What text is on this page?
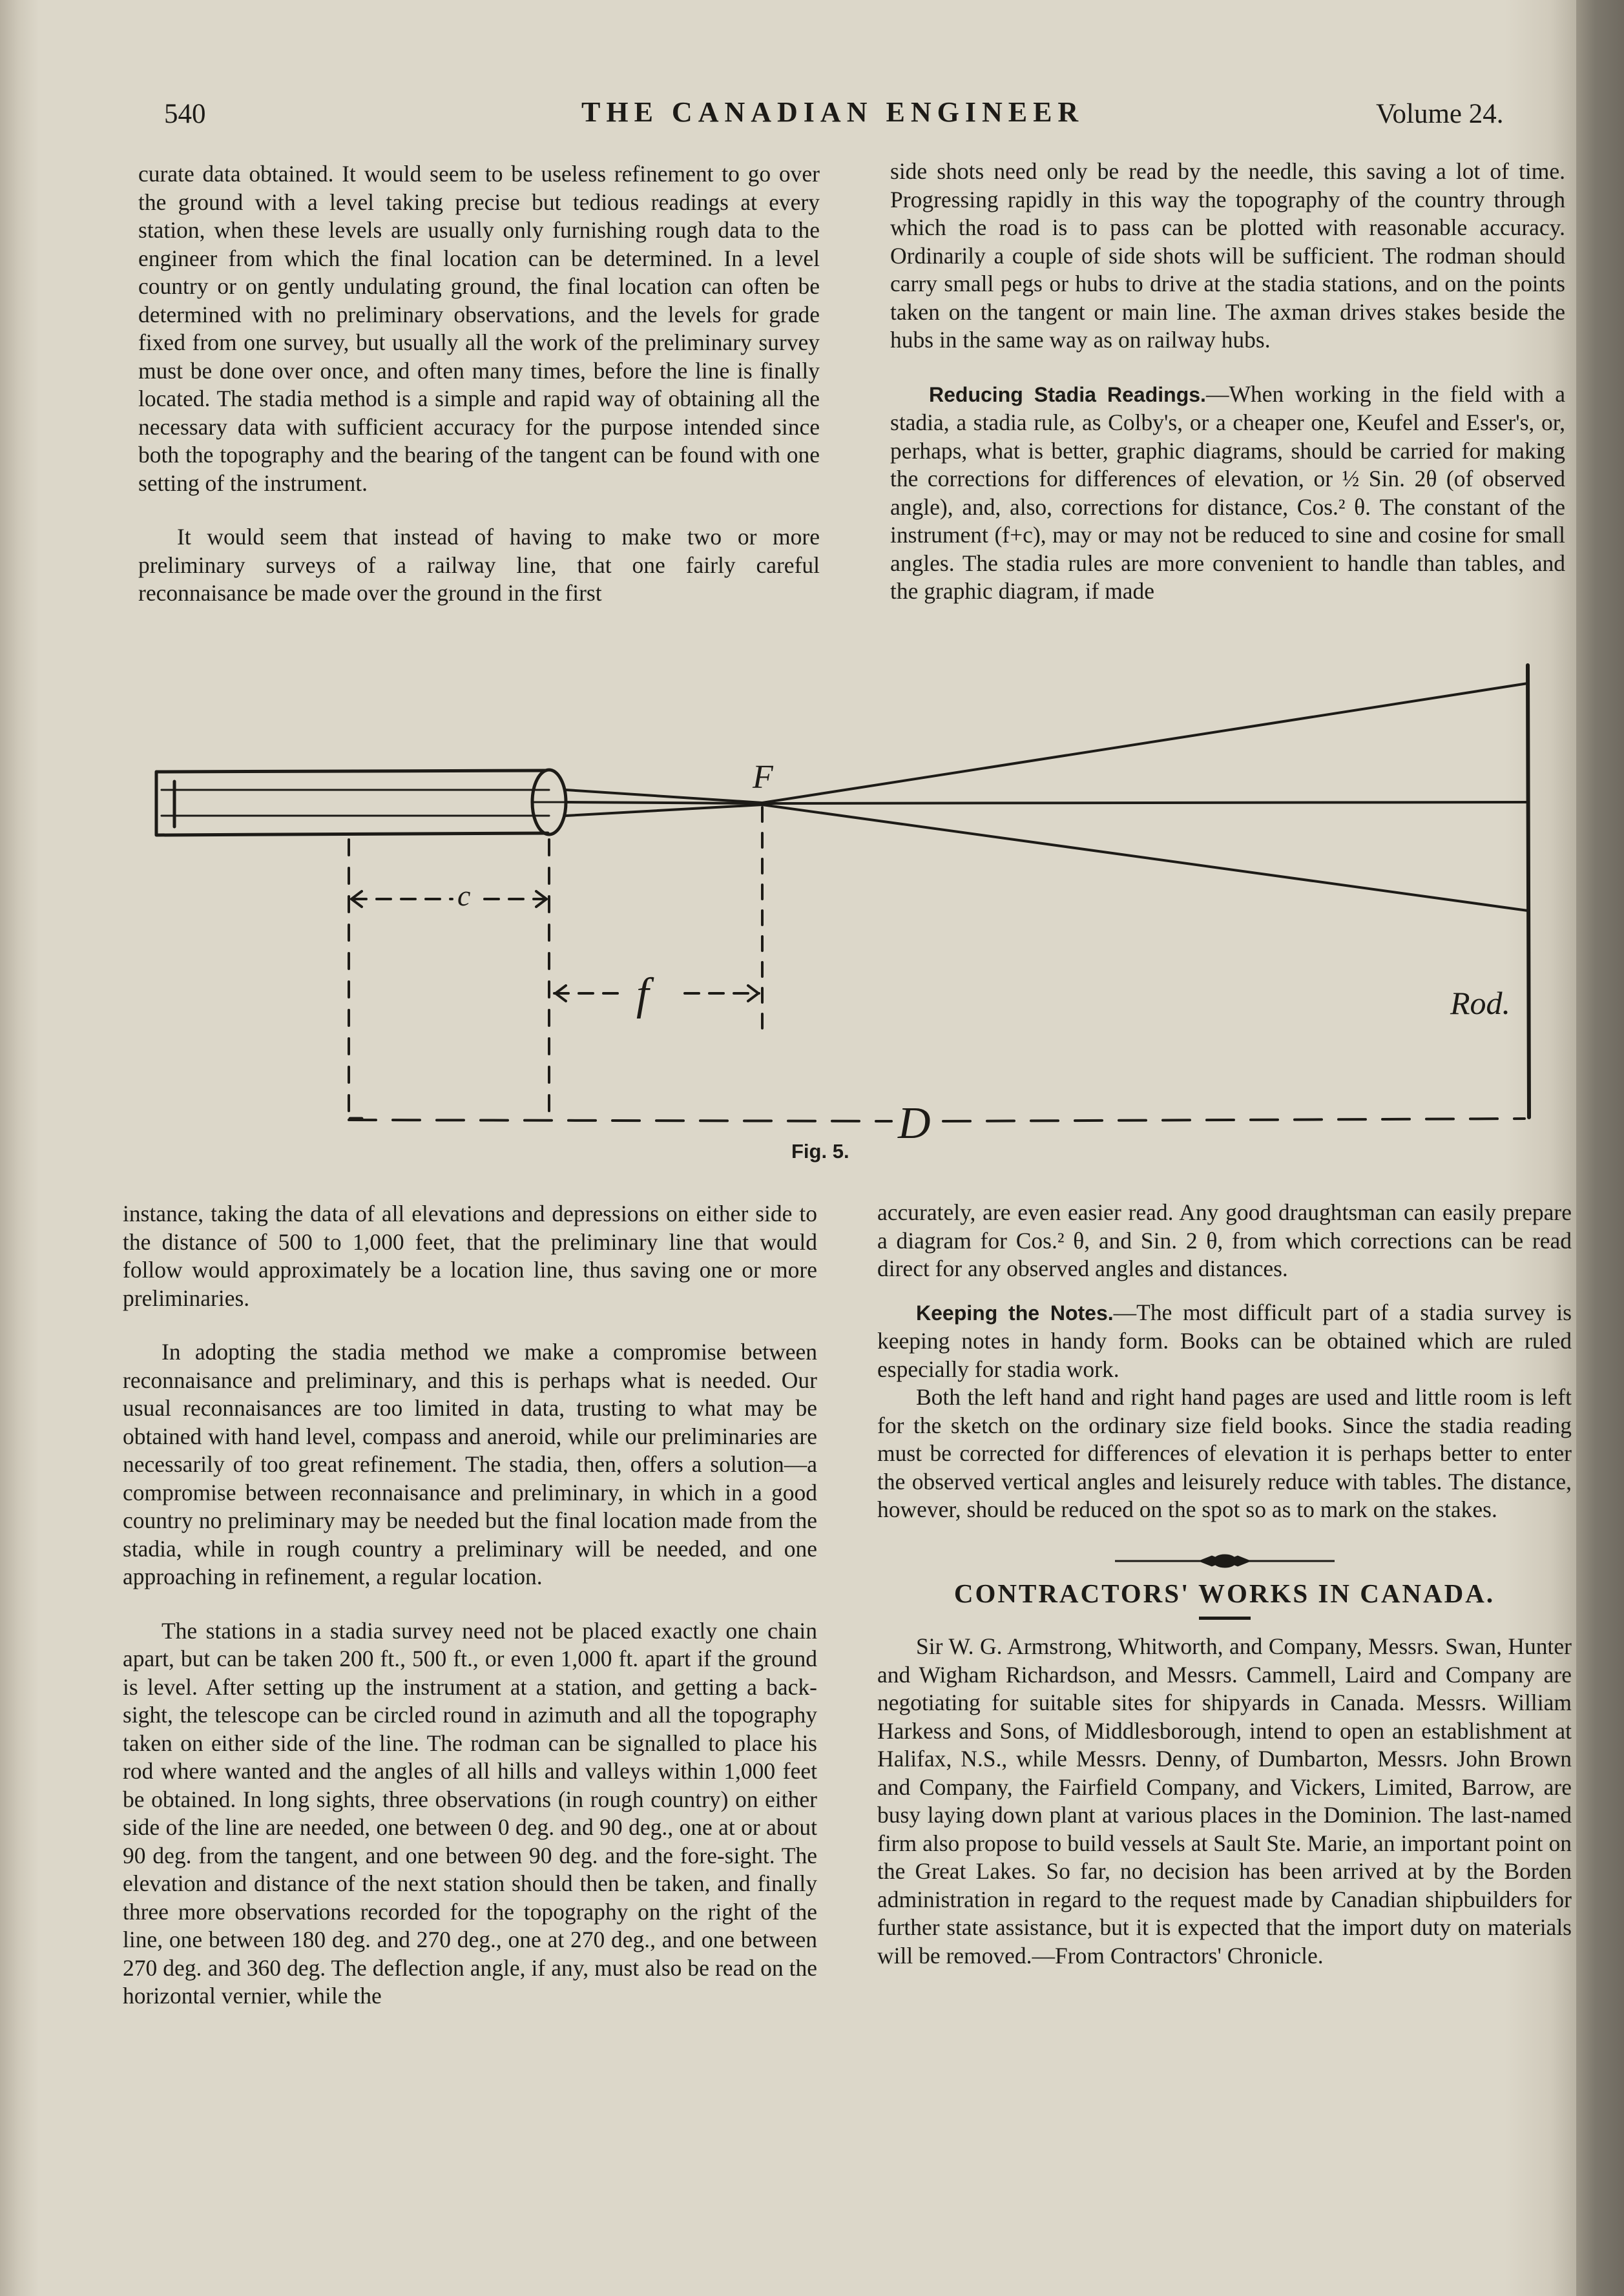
540	THE CANADIAN ENGINEER	Volume 24.

curate data obtained. It would seem to be useless refinement to go over the ground with a level taking precise but tedious readings at every station, when these levels are usually only furnishing rough data to the engineer from which the final location can be determined. In a level country or on gently undulating ground, the final location can often be determined with no preliminary observations, and the levels for grade fixed from one survey, but usually all the work of the preliminary survey must be done over once, and often many times, before the line is finally located. The stadia method is a simple and rapid way of obtaining all the necessary data with sufficient accuracy for the purpose intended since both the topography and the bearing of the tangent can be found with one setting of the instrument.

It would seem that instead of having to make two or more preliminary surveys of a railway line, that one fairly careful reconnaisance be made over the ground in the first

side shots need only be read by the needle, this saving a lot of time. Progressing rapidly in this way the topography of the country through which the road is to pass can be plotted with reasonable accuracy. Ordinarily a couple of side shots will be sufficient. The rodman should carry small pegs or hubs to drive at the stadia stations, and on the points taken on the tangent or main line. The axman drives stakes beside the hubs in the same way as on railway hubs.

Reducing Stadia Readings.—When working in the field with a stadia, a stadia rule, as Colby's, or a cheaper one, Keufel and Esser's, or, perhaps, what is better, graphic diagrams, should be carried for making the corrections for differences of elevation, or ½ Sin. 2θ (of observed angle), and, also, corrections for distance, Cos.² θ. The constant of the instrument (f+c), may or may not be reduced to sine and cosine for small angles. The stadia rules are more convenient to handle than tables, and the graphic diagram, if made

F
c
f
D
Rod.
Fig. 5.

instance, taking the data of all elevations and depressions on either side to the distance of 500 to 1,000 feet, that the preliminary line that would follow would approximately be a location line, thus saving one or more preliminaries.

In adopting the stadia method we make a compromise between reconnaisance and preliminary, and this is perhaps what is needed. Our usual reconnaisances are too limited in data, trusting to what may be obtained with hand level, compass and aneroid, while our preliminaries are necessarily of too great refinement. The stadia, then, offers a solution—a compromise between reconnaisance and preliminary, in which in a good country no preliminary may be needed but the final location made from the stadia, while in rough country a preliminary will be needed, and one approaching in refinement, a regular location.

The stations in a stadia survey need not be placed exactly one chain apart, but can be taken 200 ft., 500 ft., or even 1,000 ft. apart if the ground is level. After setting up the instrument at a station, and getting a back-sight, the telescope can be circled round in azimuth and all the topography taken on either side of the line. The rodman can be signalled to place his rod where wanted and the angles of all hills and valleys within 1,000 feet be obtained. In long sights, three observations (in rough country) on either side of the line are needed, one between 0 deg. and 90 deg., one at or about 90 deg. from the tangent, and one between 90 deg. and the fore-sight. The elevation and distance of the next station should then be taken, and finally three more observations recorded for the topography on the right of the line, one between 180 deg. and 270 deg., one at 270 deg., and one between 270 deg. and 360 deg. The deflection angle, if any, must also be read on the horizontal vernier, while the

accurately, are even easier read. Any good draughtsman can easily prepare a diagram for Cos.² θ, and Sin. 2 θ, from which corrections can be read direct for any observed angles and distances.

Keeping the Notes.—The most difficult part of a stadia survey is keeping notes in handy form. Books can be obtained which are ruled especially for stadia work.

Both the left hand and right hand pages are used and little room is left for the sketch on the ordinary size field books. Since the stadia reading must be corrected for differences of elevation it is perhaps better to enter the observed vertical angles and leisurely reduce with tables. The distance, however, should be reduced on the spot so as to mark on the stakes.

CONTRACTORS' WORKS IN CANADA.

Sir W. G. Armstrong, Whitworth, and Company, Messrs. Swan, Hunter and Wigham Richardson, and Messrs. Cammell, Laird and Company are negotiating for suitable sites for shipyards in Canada. Messrs. William Harkess and Sons, of Middlesborough, intend to open an establishment at Halifax, N.S., while Messrs. Denny, of Dumbarton, Messrs. John Brown and Company, the Fairfield Company, and Vickers, Limited, Barrow, are busy laying down plant at various places in the Dominion. The last-named firm also propose to build vessels at Sault Ste. Marie, an important point on the Great Lakes. So far, no decision has been arrived at by the Borden administration in regard to the request made by Canadian shipbuilders for further state assistance, but it is expected that the import duty on materials will be removed.—From Contractors' Chronicle.
